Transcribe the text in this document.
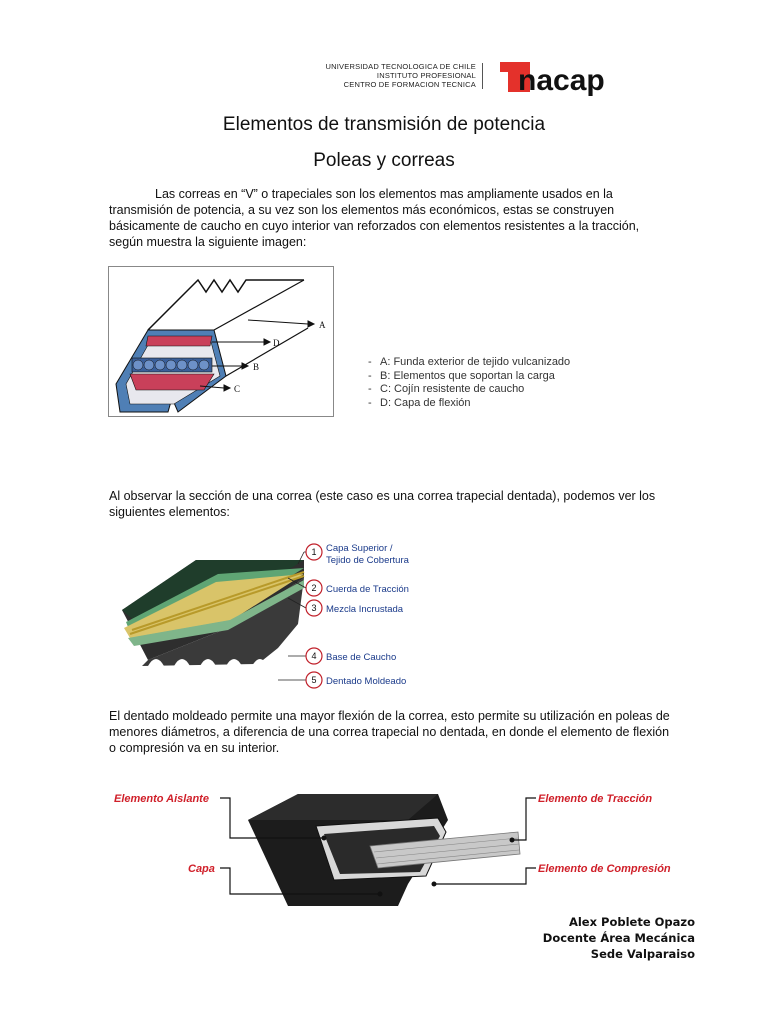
UNIVERSIDAD TECNOLOGICA DE CHILE
INSTITUTO PROFESIONAL
CENTRO DE FORMACION TECNICA nacap
Elementos de transmisión de potencia
Poleas y correas
Las correas en “V” o trapeciales son los elementos mas ampliamente usados en la
transmisión de potencia, a su vez son los elementos más económicos, estas se construyen
básicamente de caucho en cuyo interior van reforzados con elementos resistentes a la tracción,
según muestra la siguiente imagen:
A
D
B
C
- A: Funda exterior de tejido vulcanizado
- B: Elementos que soportan la carga
- C: Cojín resistente de caucho
- D: Capa de flexión
Al observar la sección de una correa (este caso es una correa trapecial dentada), podemos ver los
siguientes elementos:
1
2
3
4
5
Capa Superior /
Tejido de Cobertura
Cuerda de Tracción
Mezcla Incrustada
Base de Caucho
Dentado Moldeado
El dentado moldeado permite una mayor flexión de la correa, esto permite su utilización en poleas de
menores diámetros, a diferencia de una correa trapecial no dentada, en donde el elemento de flexión
o compresión va en su interior.
Elemento Aislante
Capa
Elemento de Tracción
Elemento de Compresión
Alex Poblete Opazo
Docente Área Mecánica
Sede Valparaiso
